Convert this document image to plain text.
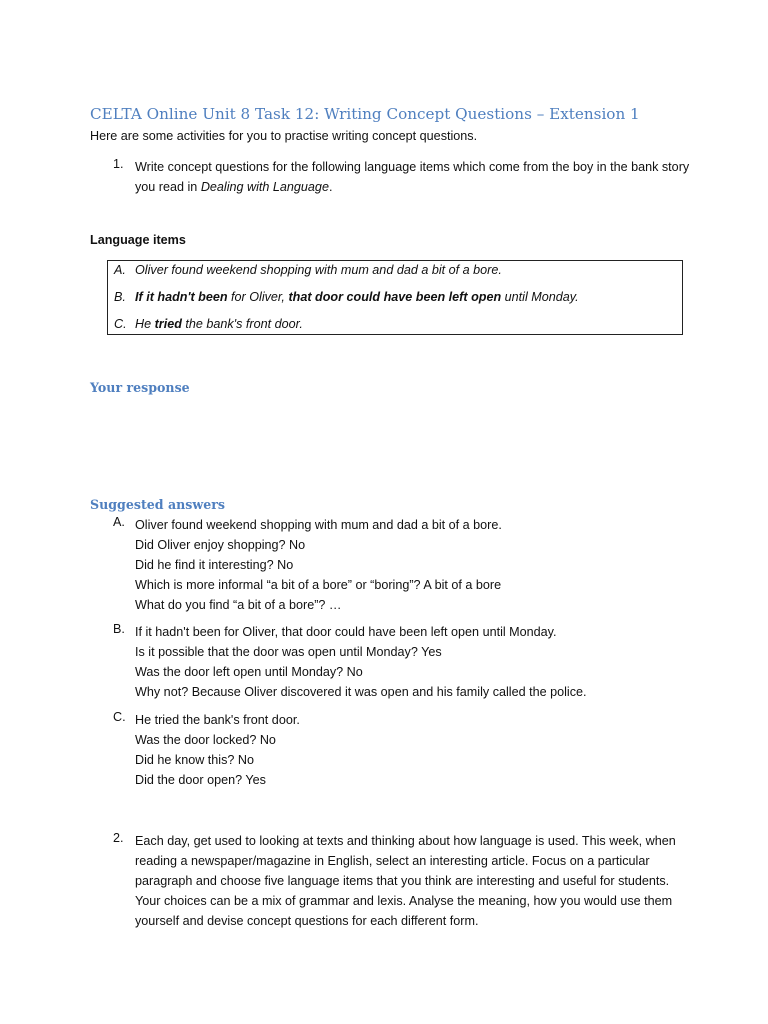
CELTA Online Unit 8 Task 12: Writing Concept Questions – Extension 1
Here are some activities for you to practise writing concept questions.
1. Write concept questions for the following language items which come from the boy in the bank story you read in Dealing with Language.
Language items
A. Oliver found weekend shopping with mum and dad a bit of a bore.
B. If it hadn't been for Oliver, that door could have been left open until Monday.
C. He tried the bank's front door.
Your response
Suggested answers
A. Oliver found weekend shopping with mum and dad a bit of a bore.
Did Oliver enjoy shopping? No
Did he find it interesting? No
Which is more informal “a bit of a bore” or “boring”? A bit of a bore
What do you find “a bit of a bore”? …
B. If it hadn't been for Oliver, that door could have been left open until Monday.
Is it possible that the door was open until Monday? Yes
Was the door left open until Monday? No
Why not? Because Oliver discovered it was open and his family called the police.
C. He tried the bank's front door.
Was the door locked? No
Did he know this? No
Did the door open? Yes
2. Each day, get used to looking at texts and thinking about how language is used. This week, when reading a newspaper/magazine in English, select an interesting article. Focus on a particular paragraph and choose five language items that you think are interesting and useful for students. Your choices can be a mix of grammar and lexis. Analyse the meaning, how you would use them yourself and devise concept questions for each different form.
